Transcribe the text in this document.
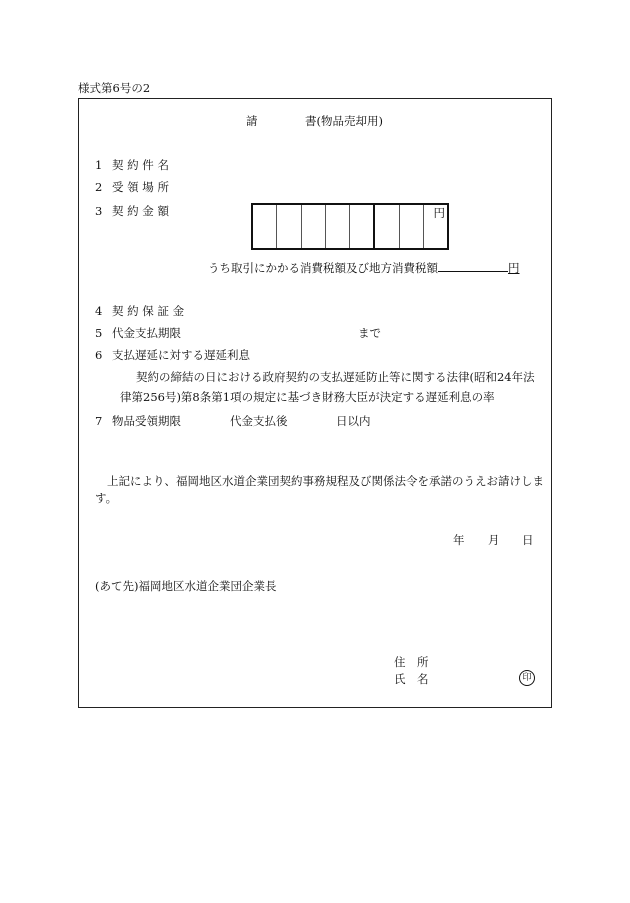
様式第6号の2
請	書(物品売却用)
1 契 約 件 名
2 受 領 場 所
3 契 約 金 額	円
うち取引にかかる消費税額及び地方消費税額	円
4 契 約 保 証 金
5 代金支払期限	まで
6 支払遅延に対する遅延利息
契約の締結の日における政府契約の支払遅延防止等に関する法律(昭和24年法
律第256号)第8条第1項の規定に基づき財務大臣が決定する遅延利息の率
7 物品受領期限	代金支払後	日以内
上記により、福岡地区水道企業団契約事務規程及び関係法令を承諾のうえお請けしま
す。
年 月 日
(あて先)福岡地区水道企業団企業長
住　所
氏　名	印
